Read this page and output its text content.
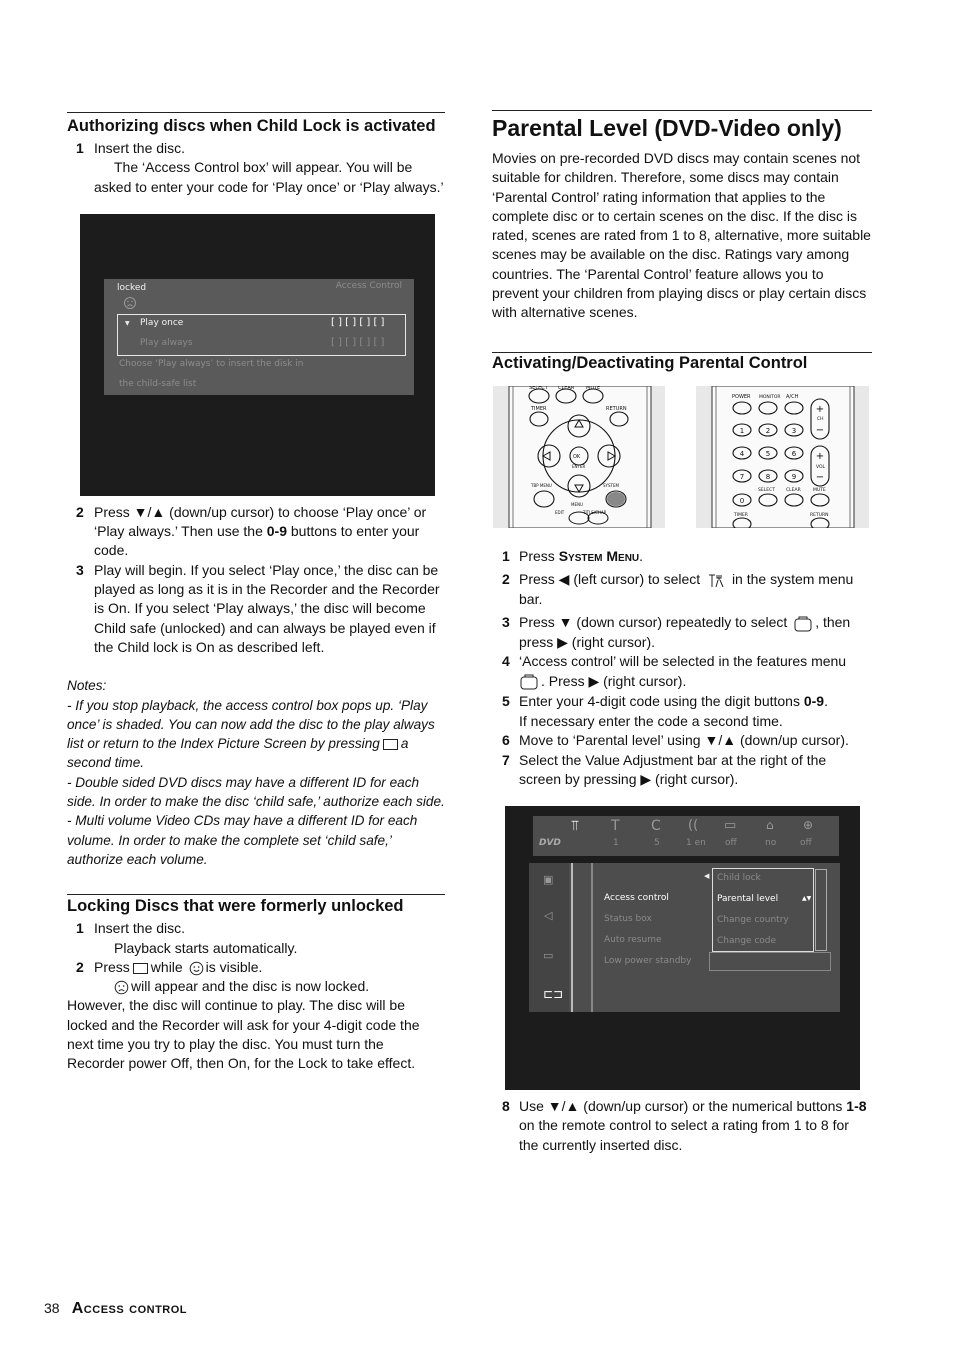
Authorizing discs when Child Lock is activated
1 Insert the disc.
The ‘Access Control box’ will appear. You will be asked to enter your code for ‘Play once’ or ‘Play always.’
locked	Access Control
▼ Play once	[ ] [ ] [ ] [ ]
Play always	[ ] [ ] [ ] [ ]
Choose ‘Play always’ to insert the disk in
the child-safe list
2 Press ▼/▲ (down/up cursor) to choose ‘Play once’ or ‘Play always.’ Then use the 0-9 buttons to enter your code.
3 Play will begin. If you select ‘Play once,’ the disc can be played as long as it is in the Recorder and the Recorder is On. If you select ‘Play always,’ the disc will become Child safe (unlocked) and can always be played even if the Child lock is On as described left.

Notes:

- If you stop playback, the access control box pops up. ‘Play once’ is shaded. You can now add the disc to the play always list or return to the Index Picture Screen by pressing a second time.

- Double sided DVD discs may have a different ID for each side. In order to make the disc ‘child safe,’ authorize each side.

- Multi volume Video CDs may have a different ID for each volume. In order to make the complete set ‘child safe,’ authorize each volume.

Locking Discs that were formerly unlocked
1 Insert the disc.
Playback starts automatically.
2 Press while is visible.
will appear and the disc is now locked.

However, the disc will continue to play. The disc will be locked and the Recorder will ask for your 4-digit code the next time you try to play the disc. You must turn the Recorder power Off, then On, for the Lock to take effect.

Parental Level (DVD-Video only)

Movies on pre-recorded DVD discs may contain scenes not suitable for children. Therefore, some discs may contain ‘Parental Control’ rating information that applies to the complete disc or to certain scenes on the disc. If the disc is rated, scenes are rated from 1 to 8, alternative, more suitable scenes may be available on the disc. Ratings vary among countries. The ‘Parental Control’ feature allows you to prevent your children from playing discs or play certain discs with alternative scenes.

Activating/Deactivating Parental Control
SELECT CLEAR MUTE
TIMER	RETURN
OK
ENTER
TBP MENU	SYSTEM
MENU
EDIT	TITLE/CHAP
POWER MONITOR A/CH
CH
VOL
SELECT CLEAR	MUTE
TIMER	RETURN
1	2	3
4	5	6
7	8	9
0
+
−
+
−
1 Press System Menu.
2 Press ◀ (left cursor) to select in the system menu bar.
3 Press ▼ (down cursor) repeatedly to select , then press ▶ (right cursor).
4 ‘Access control’ will be selected in the features menu
. Press ▶ (right cursor).
5 Enter your 4-digit code using the digit buttons 0-9.
If necessary enter the code a second time.
6 Move to ‘Parental level’ using ▼/▲ (down/up cursor).
7 Select the Value Adjustment bar at the right of the screen by pressing ▶ (right cursor).
DVD
⫪ T C (( ▭ ⌂ ⊕
1	5	1 en off	no	off
▣
◁
▭
⊏⊐
Access control
Status box
Auto resume
Low power standby
◀ Child lock
Parental level	▲▼
Change country
Change code
8 Use ▼/▲ (down/up cursor) or the numerical buttons 1-8 on the remote control to select a rating from 1 to 8 for the currently inserted disc.
38 Access control
